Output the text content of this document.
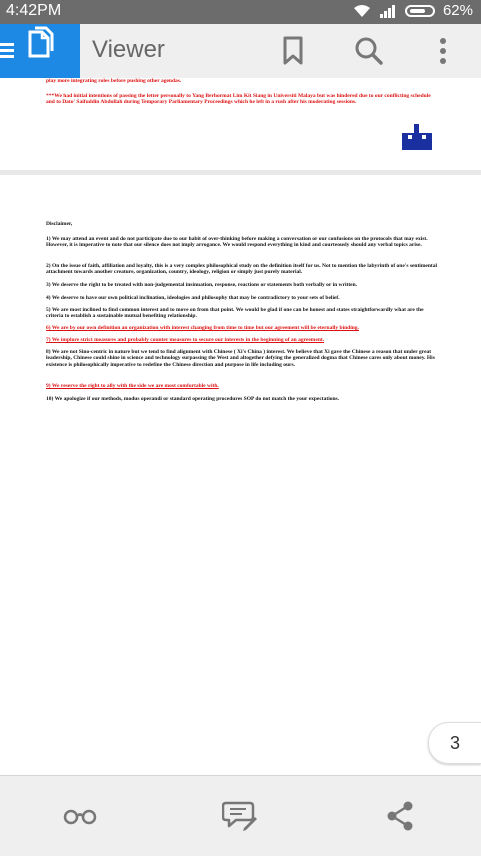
4:42PM	62%
Viewer
play more integrating roles before pushing other agendas.
***We had initial intentions of passing the letter personally to Yang Berhormat Lim Kit Siang in Universiti Malaya but was hindered due to our conflicting schedule and to Dato' Saifuddin Abdullah during Temporary Parliamentary Proceedings which he left in a rush after his moderating sessions.
Disclaimer,
1) We may attend an event and do not participate due to our habit of over-thinking before making a conversation or our confusions on the protocols that may exist. However, it is imperative to note that our silence does not imply arrogance. We would respond everything in kind and courteously should any verbal topics arise.
2) On the issue of faith, affiliation and loyalty, this is a very complex philosophical study on the definition itself for us. Not to mention the labyrinth of one's sentimental attachment towards another creature, organization, country, ideology, religion or simply just purely material.
3) We deserve the right to be treated with non-judgemental insinuation, response, reactions or statements both verbally or in written.
4) We deserve to have our own political inclination, ideologies and philosophy that may be contradictory to your sets of belief.
5) We are most inclined to find common interest and to move on from that point. We would be glad if one can be honest and states straightforwardly what are the criteria to establish a sustainable mutual benefiting relationship.
6) We are by our own definition an organization with interest changing from time to time but our agreement will be eternally binding.
7) We implore strict measures and probably counter measures to secure our interests in the beginning of an agreement.
8) We are not Sino-centric in nature but we tend to find alignment with Chinese ( Xi's China ) interest. We believe that Xi gave the Chinese a reason that under great leadership, Chinese could shine in science and technology surpassing the West and altogether defying the generalized dogma that Chinese cares only about money. His existence is philosophically imperative to redefine the Chinese direction and purpose in life including ours.
9) We reserve the right to ally with the side we are most comfortable with.
10) We apologize if our methods, modus operandi or standard operating procedures SOP do not match the your expectations.
3
